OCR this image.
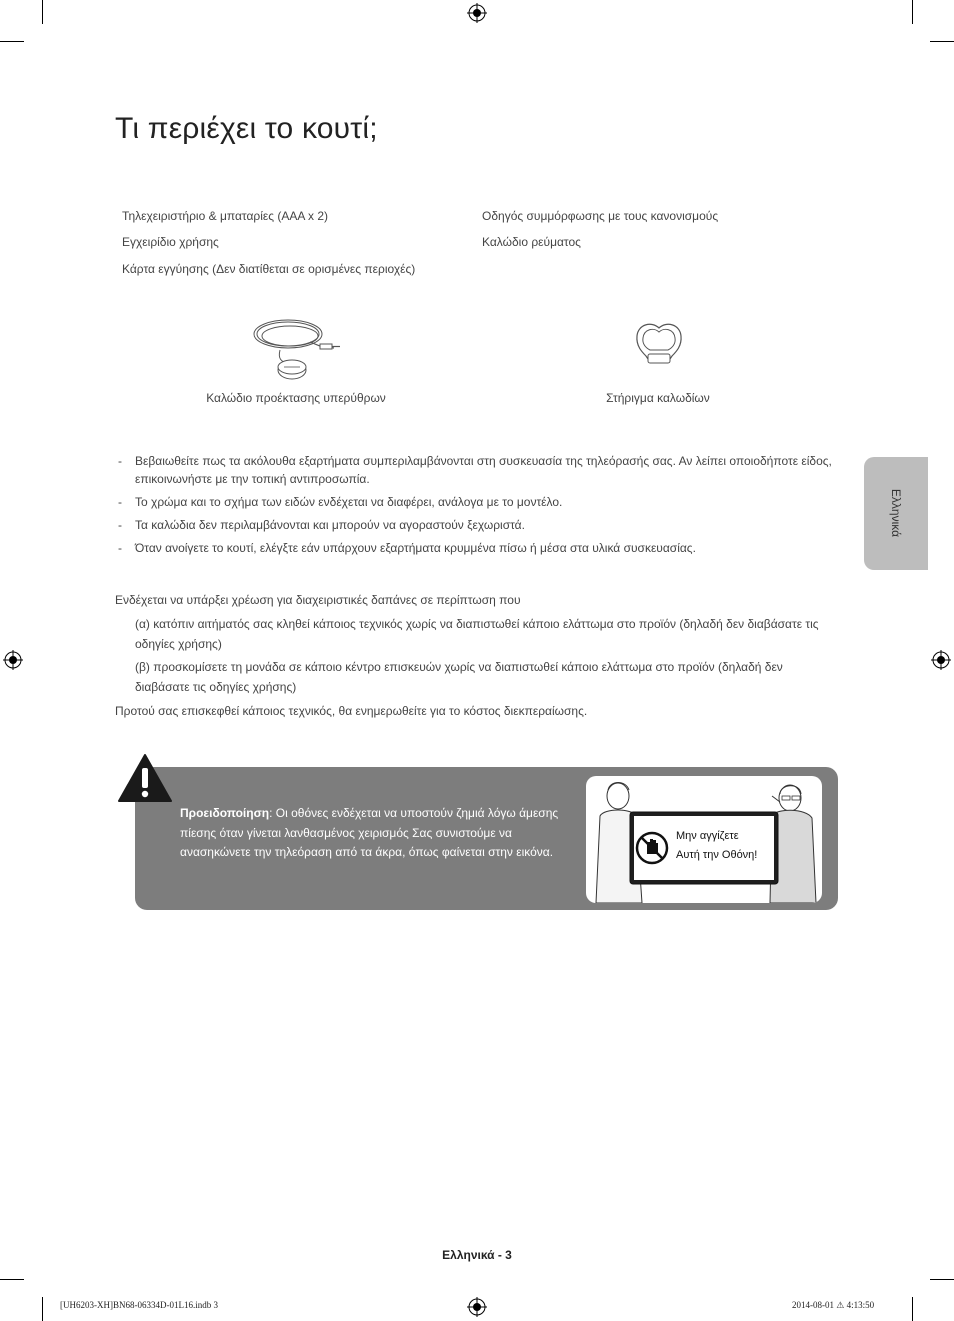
Τι περιέχει το κουτί;
Τηλεχειριστήριο & μπαταρίες (AAA x 2)
Εγχειρίδιο χρήσης
Κάρτα εγγύησης (Δεν διατίθεται σε ορισμένες περιοχές)
Οδηγός συμμόρφωσης με τους κανονισμούς
Καλώδιο ρεύματος
Καλώδιο προέκτασης υπερύθρων	Στήριγμα καλωδίων
- Βεβαιωθείτε πως τα ακόλουθα εξαρτήματα συμπεριλαμβάνονται στη συσκευασία της τηλεόρασής σας. Αν λείπει οποιοδήποτε είδος, επικοινωνήστε με την τοπική αντιπροσωπία.
- Το χρώμα και το σχήμα των ειδών ενδέχεται να διαφέρει, ανάλογα με το μοντέλο.
- Τα καλώδια δεν περιλαμβάνονται και μπορούν να αγοραστούν ξεχωριστά.
- Όταν ανοίγετε το κουτί, ελέγξτε εάν υπάρχουν εξαρτήματα κρυμμένα πίσω ή μέσα στα υλικά συσκευασίας.
Ελληνικά
Ενδέχεται να υπάρξει χρέωση για διαχειριστικές δαπάνες σε περίπτωση που
(α) κατόπιν αιτήματός σας κληθεί κάποιος τεχνικός χωρίς να διαπιστωθεί κάποιο ελάττωμα στο προϊόν (δηλαδή δεν διαβάσατε τις οδηγίες χρήσης)
(β) προσκομίσετε τη μονάδα σε κάποιο κέντρο επισκευών χωρίς να διαπιστωθεί κάποιο ελάττωμα στο προϊόν (δηλαδή δεν διαβάσατε τις οδηγίες χρήσης)
Προτού σας επισκεφθεί κάποιος τεχνικός, θα ενημερωθείτε για το κόστος διεκπεραίωσης.
Προειδοποίηση: Οι οθόνες ενδέχεται να υποστούν ζημιά λόγω άμεσης πίεσης όταν γίνεται λανθασμένος χειρισμός Σας συνιστούμε να ανασηκώνετε την τηλεόραση από τα άκρα, όπως φαίνεται στην εικόνα.
Μην αγγίζετε
Αυτή την Οθόνη!
Ελληνικά - 3
[UH6203-XH]BN68-06334D-01L16.indb 3	2014-08-01 ⚠ 4:13:50
